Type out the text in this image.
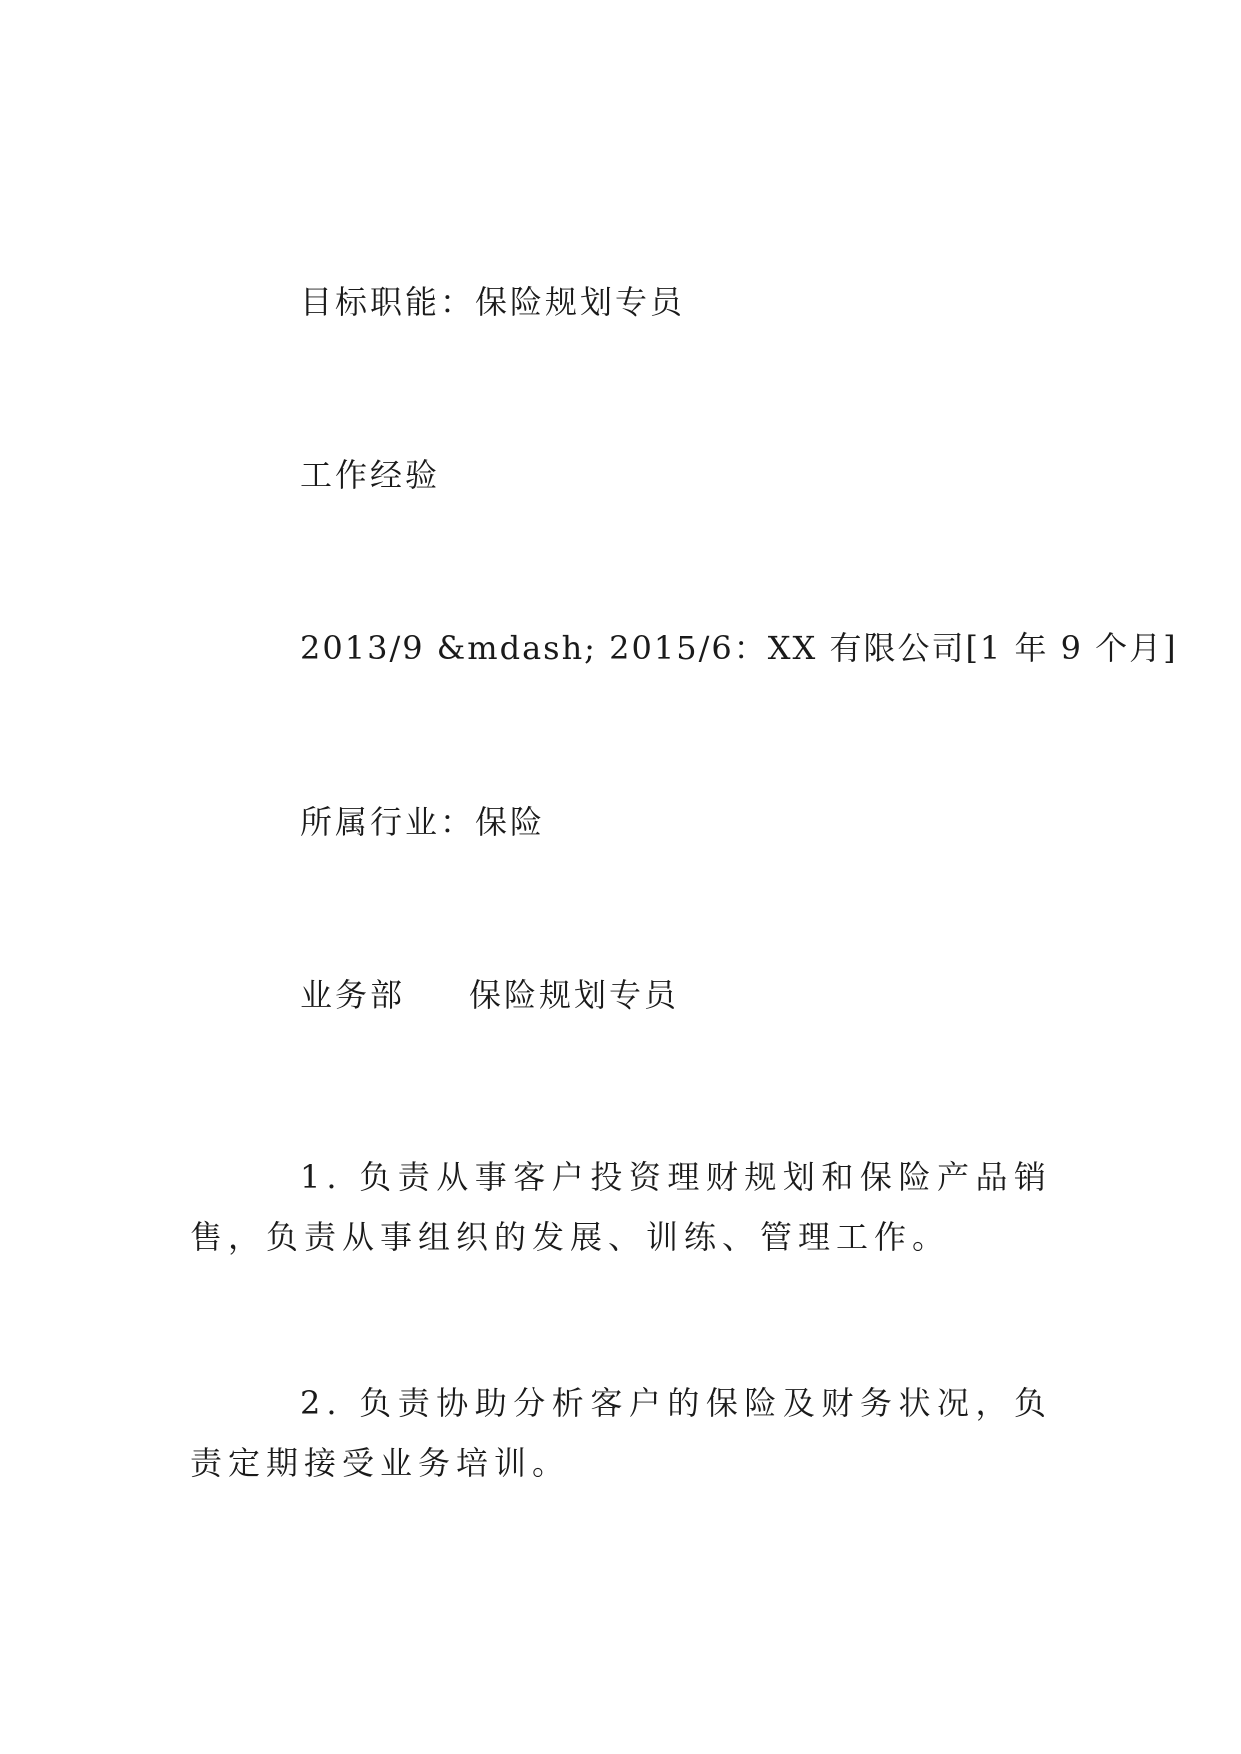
目标职能：保险规划专员
工作经验
2013/9 &mdash; 2015/6：XX 有限公司[1 年 9 个月]
所属行业：保险
业务部 保险规划专员
1. 负责从事客户投资理财规划和保险产品销售，负责从事组织的发展、训练、管理工作。
2. 负责协助分析客户的保险及财务状况，负责定期接受业务培训。
